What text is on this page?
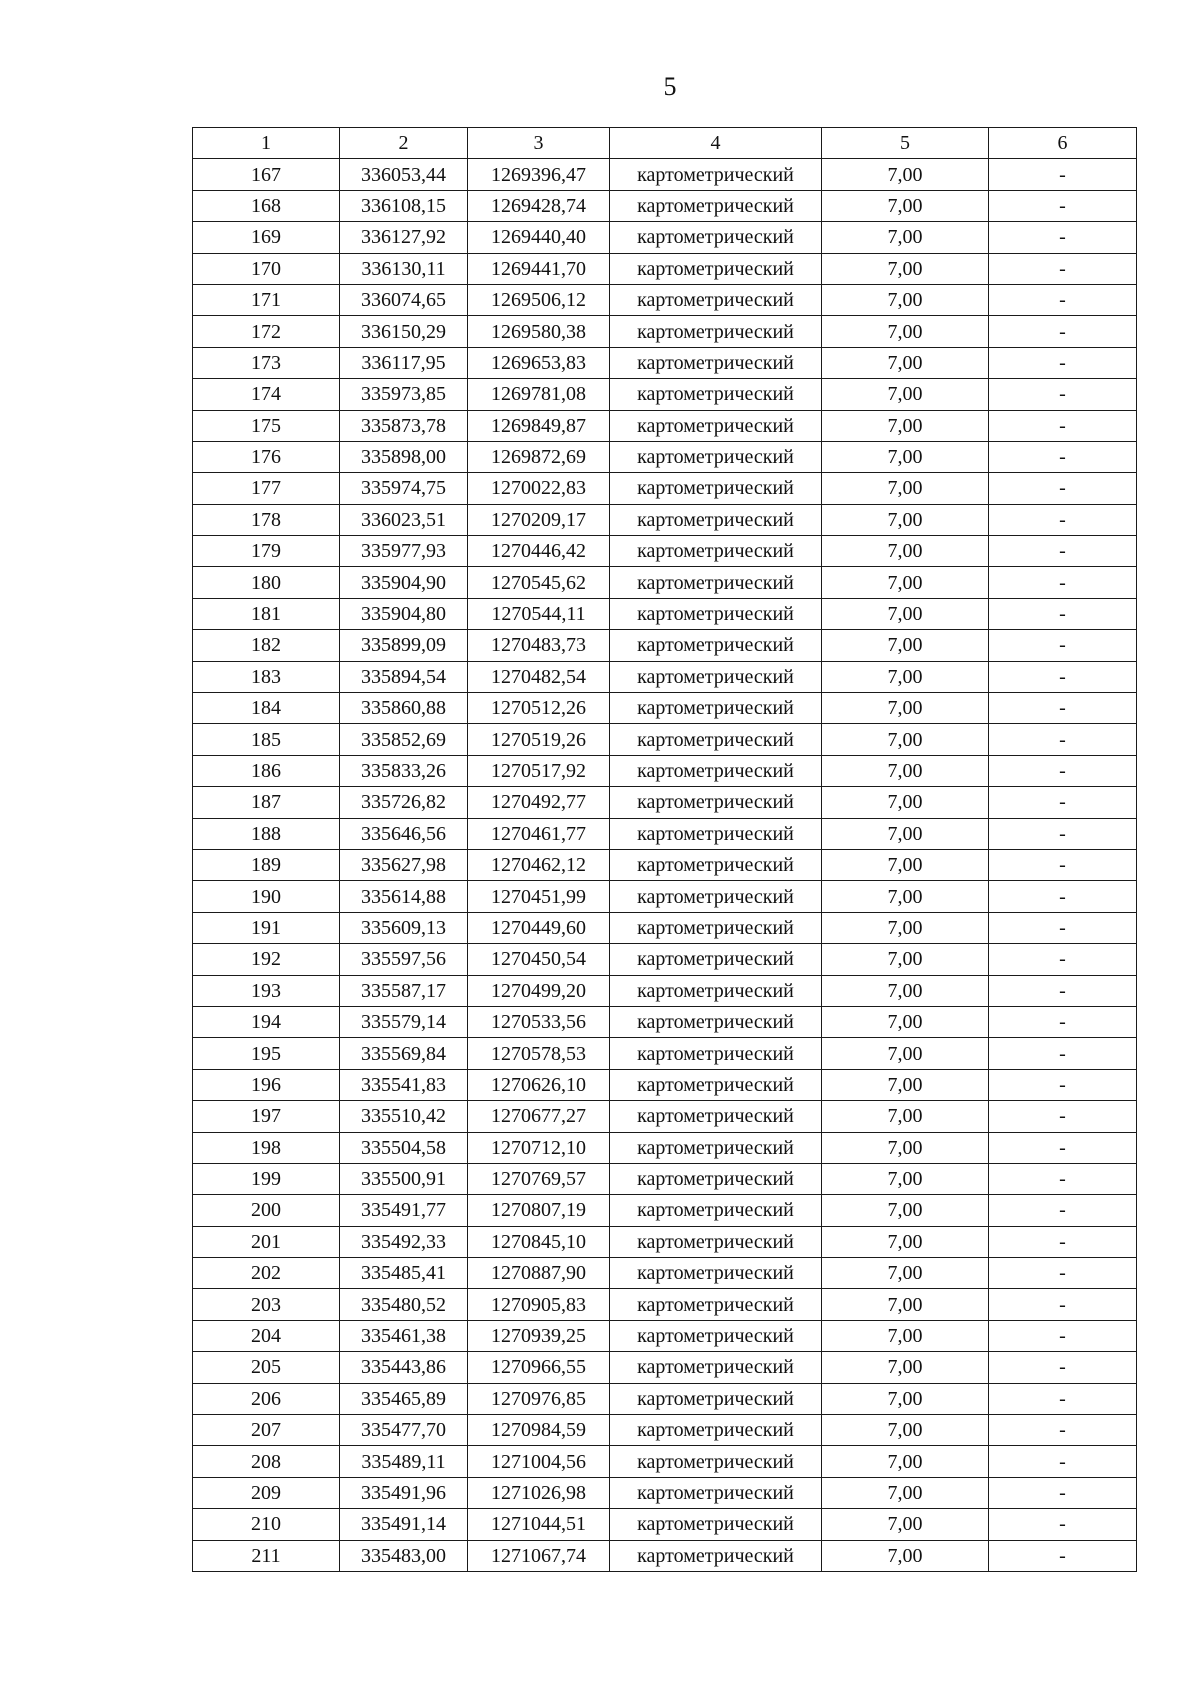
5
1	2	3	4	5	6
167	336053,44	1269396,47	картометрический	7,00	-
168	336108,15	1269428,74	картометрический	7,00	-
169	336127,92	1269440,40	картометрический	7,00	-
170	336130,11	1269441,70	картометрический	7,00	-
171	336074,65	1269506,12	картометрический	7,00	-
172	336150,29	1269580,38	картометрический	7,00	-
173	336117,95	1269653,83	картометрический	7,00	-
174	335973,85	1269781,08	картометрический	7,00	-
175	335873,78	1269849,87	картометрический	7,00	-
176	335898,00	1269872,69	картометрический	7,00	-
177	335974,75	1270022,83	картометрический	7,00	-
178	336023,51	1270209,17	картометрический	7,00	-
179	335977,93	1270446,42	картометрический	7,00	-
180	335904,90	1270545,62	картометрический	7,00	-
181	335904,80	1270544,11	картометрический	7,00	-
182	335899,09	1270483,73	картометрический	7,00	-
183	335894,54	1270482,54	картометрический	7,00	-
184	335860,88	1270512,26	картометрический	7,00	-
185	335852,69	1270519,26	картометрический	7,00	-
186	335833,26	1270517,92	картометрический	7,00	-
187	335726,82	1270492,77	картометрический	7,00	-
188	335646,56	1270461,77	картометрический	7,00	-
189	335627,98	1270462,12	картометрический	7,00	-
190	335614,88	1270451,99	картометрический	7,00	-
191	335609,13	1270449,60	картометрический	7,00	-
192	335597,56	1270450,54	картометрический	7,00	-
193	335587,17	1270499,20	картометрический	7,00	-
194	335579,14	1270533,56	картометрический	7,00	-
195	335569,84	1270578,53	картометрический	7,00	-
196	335541,83	1270626,10	картометрический	7,00	-
197	335510,42	1270677,27	картометрический	7,00	-
198	335504,58	1270712,10	картометрический	7,00	-
199	335500,91	1270769,57	картометрический	7,00	-
200	335491,77	1270807,19	картометрический	7,00	-
201	335492,33	1270845,10	картометрический	7,00	-
202	335485,41	1270887,90	картометрический	7,00	-
203	335480,52	1270905,83	картометрический	7,00	-
204	335461,38	1270939,25	картометрический	7,00	-
205	335443,86	1270966,55	картометрический	7,00	-
206	335465,89	1270976,85	картометрический	7,00	-
207	335477,70	1270984,59	картометрический	7,00	-
208	335489,11	1271004,56	картометрический	7,00	-
209	335491,96	1271026,98	картометрический	7,00	-
210	335491,14	1271044,51	картометрический	7,00	-
211	335483,00	1271067,74	картометрический	7,00	-
